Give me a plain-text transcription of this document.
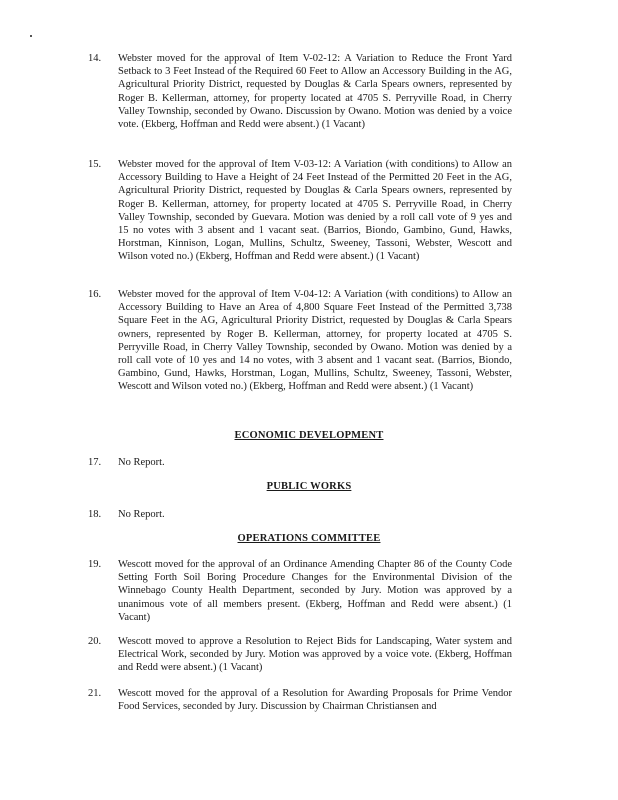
14. Webster moved for the approval of Item V-02-12: A Variation to Reduce the Front Yard Setback to 3 Feet Instead of the Required 60 Feet to Allow an Accessory Building in the AG, Agricultural Priority District, requested by Douglas & Carla Spears owners, represented by Roger B. Kellerman, attorney, for property located at 4705 S. Perryville Road, in Cherry Valley Township, seconded by Owano. Discussion by Owano. Motion was denied by a voice vote. (Ekberg, Hoffman and Redd were absent.) (1 Vacant)
15. Webster moved for the approval of Item V-03-12: A Variation (with conditions) to Allow an Accessory Building to Have a Height of 24 Feet Instead of the Permitted 20 Feet in the AG, Agricultural Priority District, requested by Douglas & Carla Spears owners, represented by Roger B. Kellerman, attorney, for property located at 4705 S. Perryville Road, in Cherry Valley Township, seconded by Guevara. Motion was denied by a roll call vote of 9 yes and 15 no votes with 3 absent and 1 vacant seat. (Barrios, Biondo, Gambino, Gund, Hawks, Horstman, Kinnison, Logan, Mullins, Schultz, Sweeney, Tassoni, Webster, Wescott and Wilson voted no.) (Ekberg, Hoffman and Redd were absent.) (1 Vacant)
16. Webster moved for the approval of Item V-04-12: A Variation (with conditions) to Allow an Accessory Building to Have an Area of 4,800 Square Feet Instead of the Permitted 3,738 Square Feet in the AG, Agricultural Priority District, requested by Douglas & Carla Spears owners, represented by Roger B. Kellerman, attorney, for property located at 4705 S. Perryville Road, in Cherry Valley Township, seconded by Owano. Motion was denied by a roll call vote of 10 yes and 14 no votes, with 3 absent and 1 vacant seat. (Barrios, Biondo, Gambino, Gund, Hawks, Horstman, Logan, Mullins, Schultz, Sweeney, Tassoni, Webster, Wescott and Wilson voted no.) (Ekberg, Hoffman and Redd were absent.) (1 Vacant)
ECONOMIC DEVELOPMENT
17. No Report.
PUBLIC WORKS
18. No Report.
OPERATIONS COMMITTEE
19. Wescott moved for the approval of an Ordinance Amending Chapter 86 of the County Code Setting Forth Soil Boring Procedure Changes for the Environmental Division of the Winnebago County Health Department, seconded by Jury. Motion was approved by a unanimous vote of all members present. (Ekberg, Hoffman and Redd were absent.) (1 Vacant)
20. Wescott moved to approve a Resolution to Reject Bids for Landscaping, Water system and Electrical Work, seconded by Jury. Motion was approved by a voice vote. (Ekberg, Hoffman and Redd were absent.) (1 Vacant)
21. Wescott moved for the approval of a Resolution for Awarding Proposals for Prime Vendor Food Services, seconded by Jury. Discussion by Chairman Christiansen and
